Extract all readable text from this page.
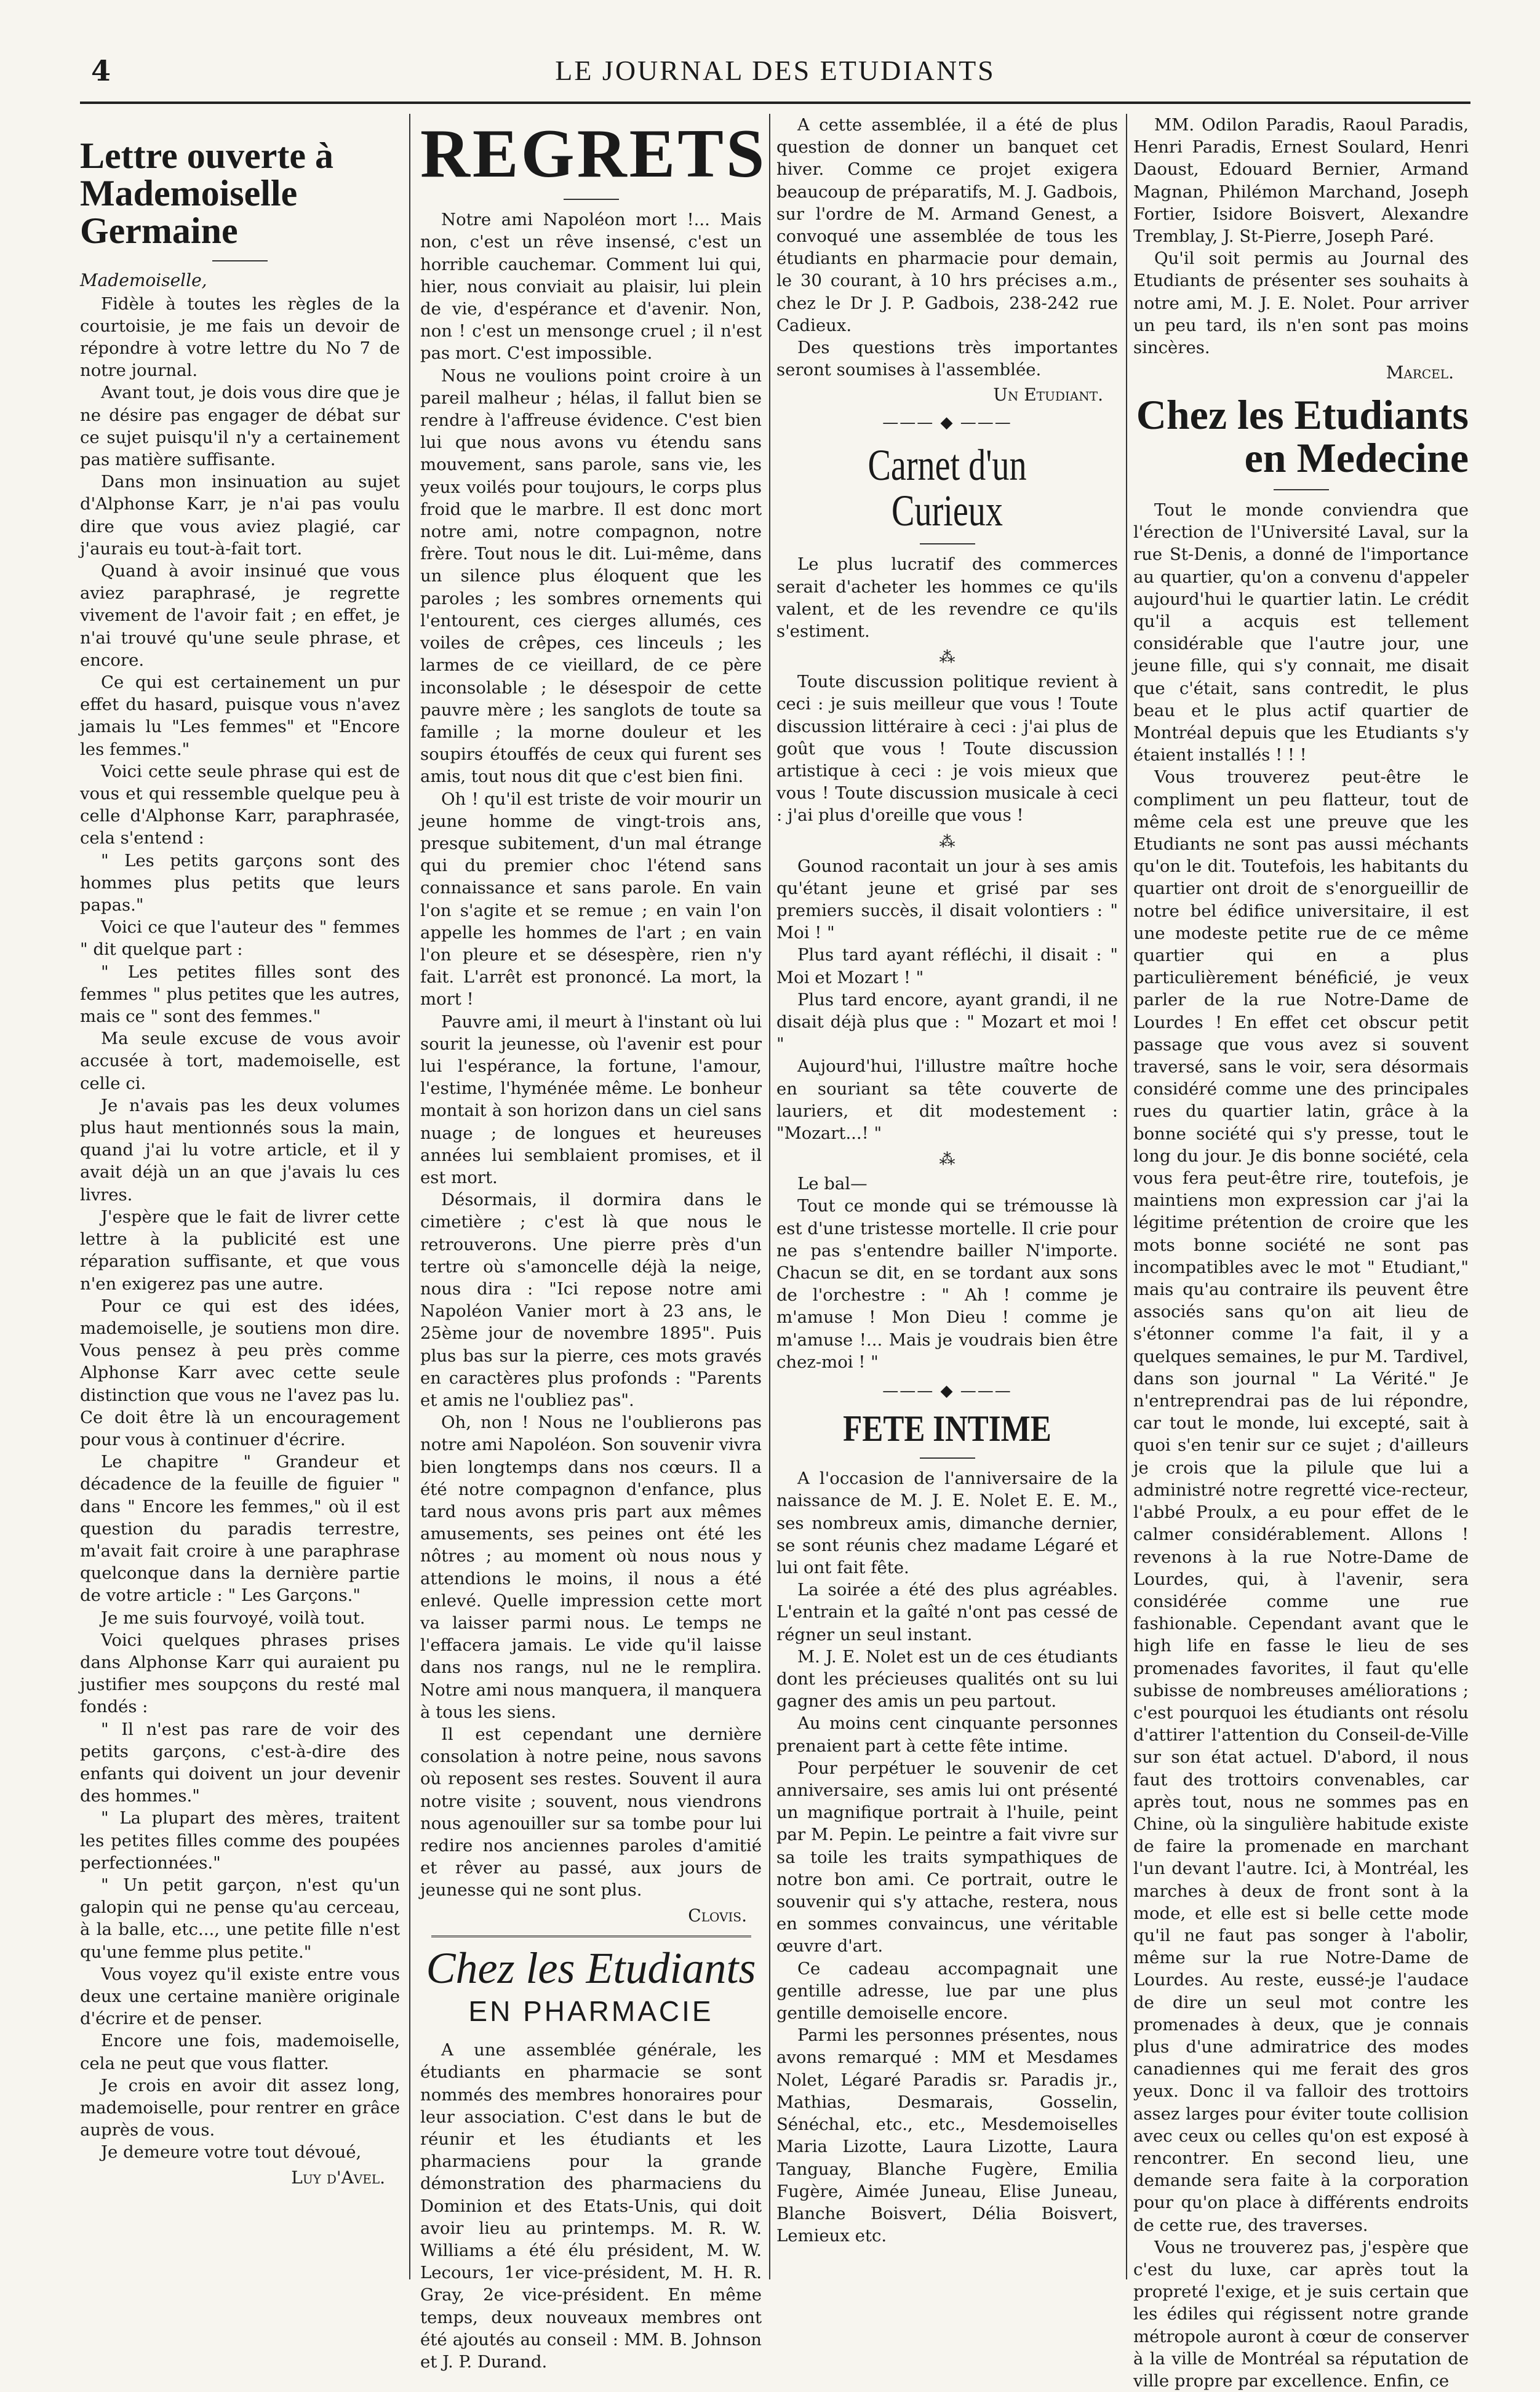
4	LE JOURNAL DES ETUDIANTS
Lettre ouverte à Mademoiselle Germaine
Mademoiselle,

Fidèle à toutes les règles de la courtoisie, je me fais un devoir de répondre à votre lettre du No 7 de notre journal.

Avant tout, je dois vous dire que je ne désire pas engager de débat sur ce sujet puisqu'il n'y a certainement pas matière suffisante.

Dans mon insinuation au sujet d'Alphonse Karr, je n'ai pas voulu dire que vous aviez plagié, car j'aurais eu tout-à-fait tort.

Quand à avoir insinué que vous aviez paraphrasé, je regrette vivement de l'avoir fait ; en effet, je n'ai trouvé qu'une seule phrase, et encore.

Ce qui est certainement un pur effet du hasard, puisque vous n'avez jamais lu "Les femmes" et "Encore les femmes."

Voici cette seule phrase qui est de vous et qui ressemble quelque peu à celle d'Alphonse Karr, paraphrasée, cela s'entend :

" Les petits garçons sont des hommes plus petits que leurs papas."

Voici ce que l'auteur des " femmes " dit quelque part :

" Les petites filles sont des femmes " plus petites que les autres, mais ce " sont des femmes."

Ma seule excuse de vous avoir accusée à tort, mademoiselle, est celle ci.

Je n'avais pas les deux volumes plus haut mentionnés sous la main, quand j'ai lu votre article, et il y avait déjà un an que j'avais lu ces livres.

J'espère que le fait de livrer cette lettre à la publicité est une réparation suffisante, et que vous n'en exigerez pas une autre.

Pour ce qui est des idées, mademoiselle, je soutiens mon dire. Vous pensez à peu près comme Alphonse Karr avec cette seule distinction que vous ne l'avez pas lu. Ce doit être là un encouragement pour vous à continuer d'écrire.

Le chapitre " Grandeur et décadence de la feuille de figuier " dans " Encore les femmes," où il est question du paradis terrestre, m'avait fait croire à une paraphrase quelconque dans la dernière partie de votre article : " Les Garçons."

Je me suis fourvoyé, voilà tout.

Voici quelques phrases prises dans Alphonse Karr qui auraient pu justifier mes soupçons du resté mal fondés :

" Il n'est pas rare de voir des petits garçons, c'est-à-dire des enfants qui doivent un jour devenir des hommes."

" La plupart des mères, traitent les petites filles comme des poupées perfectionnées."

" Un petit garçon, n'est qu'un galopin qui ne pense qu'au cerceau, à la balle, etc..., une petite fille n'est qu'une femme plus petite."

Vous voyez qu'il existe entre vous deux une certaine manière originale d'écrire et de penser.

Encore une fois, mademoiselle, cela ne peut que vous flatter.

Je crois en avoir dit assez long, mademoiselle, pour rentrer en grâce auprès de vous.

Je demeure votre tout dévoué,

Luy d'Avel.
REGRETS

Notre ami Napoléon mort !... Mais non, c'est un rêve insensé, c'est un horrible cauchemar. Comment lui qui, hier, nous conviait au plaisir, lui plein de vie, d'espérance et d'avenir. Non, non ! c'est un mensonge cruel ; il n'est pas mort. C'est impossible.

Nous ne voulions point croire à un pareil malheur ; hélas, il fallut bien se rendre à l'affreuse évidence. C'est bien lui que nous avons vu étendu sans mouvement, sans parole, sans vie, les yeux voilés pour toujours, le corps plus froid que le marbre. Il est donc mort notre ami, notre compagnon, notre frère. Tout nous le dit. Lui-même, dans un silence plus éloquent que les paroles ; les sombres ornements qui l'entourent, ces cierges allumés, ces voiles de crêpes, ces linceuls ; les larmes de ce vieillard, de ce père inconsolable ; le désespoir de cette pauvre mère ; les sanglots de toute sa famille ; la morne douleur et les soupirs étouffés de ceux qui furent ses amis, tout nous dit que c'est bien fini.

Oh ! qu'il est triste de voir mourir un jeune homme de vingt-trois ans, presque subitement, d'un mal étrange qui du premier choc l'étend sans connaissance et sans parole. En vain l'on s'agite et se remue ; en vain l'on appelle les hommes de l'art ; en vain l'on pleure et se désespère, rien n'y fait. L'arrêt est prononcé. La mort, la mort !

Pauvre ami, il meurt à l'instant où lui sourit la jeunesse, où l'avenir est pour lui l'espérance, la fortune, l'amour, l'estime, l'hyménée même. Le bonheur montait à son horizon dans un ciel sans nuage ; de longues et heureuses années lui semblaient promises, et il est mort.

Désormais, il dormira dans le cimetière ; c'est là que nous le retrouverons. Une pierre près d'un tertre où s'amoncelle déjà la neige, nous dira : "Ici repose notre ami Napoléon Vanier mort à 23 ans, le 25ème jour de novembre 1895". Puis plus bas sur la pierre, ces mots gravés en caractères plus profonds : "Parents et amis ne l'oubliez pas".

Oh, non ! Nous ne l'oublierons pas notre ami Napoléon. Son souvenir vivra bien longtemps dans nos cœurs. Il a été notre compagnon d'enfance, plus tard nous avons pris part aux mêmes amusements, ses peines ont été les nôtres ; au moment où nous nous y attendions le moins, il nous a été enlevé. Quelle impression cette mort va laisser parmi nous. Le temps ne l'effacera jamais. Le vide qu'il laisse dans nos rangs, nul ne le remplira. Notre ami nous manquera, il manquera à tous les siens.

Il est cependant une dernière consolation à notre peine, nous savons où reposent ses restes. Souvent il aura notre visite ; souvent, nous viendrons nous agenouiller sur sa tombe pour lui redire nos anciennes paroles d'amitié et rêver au passé, aux jours de jeunesse qui ne sont plus.

Clovis.
Chez les Etudiants
EN PHARMACIE

A une assemblée générale, les étudiants en pharmacie se sont nommés des membres honoraires pour leur association. C'est dans le but de réunir et les étudiants et les pharmaciens pour la grande démonstration des pharmaciens du Dominion et des Etats-Unis, qui doit avoir lieu au printemps. M. R. W. Williams a été élu président, M. W. Lecours, 1er vice-président, M. H. R. Gray, 2e vice-président. En même temps, deux nouveaux membres ont été ajoutés au conseil : MM. B. Johnson et J. P. Durand.

A cette assemblée, il a été de plus question de donner un banquet cet hiver. Comme ce projet exigera beaucoup de préparatifs, M. J. Gadbois, sur l'ordre de M. Armand Genest, a convoqué une assemblée de tous les étudiants en pharmacie pour demain, le 30 courant, à 10 hrs précises a.m., chez le Dr J. P. Gadbois, 238-242 rue Cadieux.

Des questions très importantes seront soumises à l'assemblée.

Un Etudiant.
——— ◆ ———
Carnet d'un Curieux

Le plus lucratif des commerces serait d'acheter les hommes ce qu'ils valent, et de les revendre ce qu'ils s'estiment.

⁂

Toute discussion politique revient à ceci : je suis meilleur que vous ! Toute discussion littéraire à ceci : j'ai plus de goût que vous ! Toute discussion artistique à ceci : je vois mieux que vous ! Toute discussion musicale à ceci : j'ai plus d'oreille que vous !

⁂

Gounod racontait un jour à ses amis qu'étant jeune et grisé par ses premiers succès, il disait volontiers : " Moi ! "

Plus tard ayant réfléchi, il disait : " Moi et Mozart ! "

Plus tard encore, ayant grandi, il ne disait déjà plus que : " Mozart et moi ! "

Aujourd'hui, l'illustre maître hoche en souriant sa tête couverte de lauriers, et dit modestement : "Mozart...! "

⁂

Le bal—

Tout ce monde qui se trémousse là est d'une tristesse mortelle. Il crie pour ne pas s'entendre bailler N'importe. Chacun se dit, en se tordant aux sons de l'orchestre : " Ah ! comme je m'amuse ! Mon Dieu ! comme je m'amuse !... Mais je voudrais bien être chez-moi ! "

——— ◆ ———
FETE INTIME

A l'occasion de l'anniversaire de la naissance de M. J. E. Nolet E. E. M., ses nombreux amis, dimanche dernier, se sont réunis chez madame Légaré et lui ont fait fête.

La soirée a été des plus agréables. L'entrain et la gaîté n'ont pas cessé de régner un seul instant.

M. J. E. Nolet est un de ces étudiants dont les précieuses qualités ont su lui gagner des amis un peu partout.

Au moins cent cinquante personnes prenaient part à cette fête intime.

Pour perpétuer le souvenir de cet anniversaire, ses amis lui ont présenté un magnifique portrait à l'huile, peint par M. Pepin. Le peintre a fait vivre sur sa toile les traits sympathiques de notre bon ami. Ce portrait, outre le souvenir qui s'y attache, restera, nous en sommes convaincus, une véritable œuvre d'art.

Ce cadeau accompagnait une gentille adresse, lue par une plus gentille demoiselle encore.

Parmi les personnes présentes, nous avons remarqué : MM et Mesdames Nolet, Légaré Paradis sr. Paradis jr., Mathias, Desmarais, Gosselin, Sénéchal, etc., etc., Mesdemoiselles Maria Lizotte, Laura Lizotte, Laura Tanguay, Blanche Fugère, Emilia Fugère, Aimée Juneau, Elise Juneau, Blanche Boisvert, Délia Boisvert, Lemieux etc.

MM. Odilon Paradis, Raoul Paradis, Henri Paradis, Ernest Soulard, Henri Daoust, Edouard Bernier, Armand Magnan, Philémon Marchand, Joseph Fortier, Isidore Boisvert, Alexandre Tremblay, J. St-Pierre, Joseph Paré.

Qu'il soit permis au Journal des Etudiants de présenter ses souhaits à notre ami, M. J. E. Nolet. Pour arriver un peu tard, ils n'en sont pas moins sincères.

Marcel.
Chez les Etudiants en Medecine

Tout le monde conviendra que l'érection de l'Université Laval, sur la rue St-Denis, a donné de l'importance au quartier, qu'on a convenu d'appeler aujourd'hui le quartier latin. Le crédit qu'il a acquis est tellement considérable que l'autre jour, une jeune fille, qui s'y connait, me disait que c'était, sans contredit, le plus beau et le plus actif quartier de Montréal depuis que les Etudiants s'y étaient installés ! ! !

Vous trouverez peut-être le compliment un peu flatteur, tout de même cela est une preuve que les Etudiants ne sont pas aussi méchants qu'on le dit. Toutefois, les habitants du quartier ont droit de s'enorgueillir de notre bel édifice universitaire, il est une modeste petite rue de ce même quartier qui en a plus particulièrement bénéficié, je veux parler de la rue Notre-Dame de Lourdes ! En effet cet obscur petit passage que vous avez si souvent traversé, sans le voir, sera désormais considéré comme une des principales rues du quartier latin, grâce à la bonne société qui s'y presse, tout le long du jour. Je dis bonne société, cela vous fera peut-être rire, toutefois, je maintiens mon expression car j'ai la légitime prétention de croire que les mots bonne société ne sont pas incompatibles avec le mot " Etudiant," mais qu'au contraire ils peuvent être associés sans qu'on ait lieu de s'étonner comme l'a fait, il y a quelques semaines, le pur M. Tardivel, dans son journal " La Vérité." Je n'entreprendrai pas de lui répondre, car tout le monde, lui excepté, sait à quoi s'en tenir sur ce sujet ; d'ailleurs je crois que la pilule que lui a administré notre regretté vice-recteur, l'abbé Proulx, a eu pour effet de le calmer considérablement. Allons ! revenons à la rue Notre-Dame de Lourdes, qui, à l'avenir, sera considérée comme une rue fashionable. Cependant avant que le high life en fasse le lieu de ses promenades favorites, il faut qu'elle subisse de nombreuses améliorations ; c'est pourquoi les étudiants ont résolu d'attirer l'attention du Conseil-de-Ville sur son état actuel. D'abord, il nous faut des trottoirs convenables, car après tout, nous ne sommes pas en Chine, où la singulière habitude existe de faire la promenade en marchant l'un devant l'autre. Ici, à Montréal, les marches à deux de front sont à la mode, et elle est si belle cette mode qu'il ne faut pas songer à l'abolir, même sur la rue Notre-Dame de Lourdes. Au reste, eussé-je l'audace de dire un seul mot contre les promenades à deux, que je connais plus d'une admiratrice des modes canadiennes qui me ferait des gros yeux. Donc il va falloir des trottoirs assez larges pour éviter toute collision avec ceux ou celles qu'on est exposé à rencontrer. En second lieu, une demande sera faite à la corporation pour qu'on place à différents endroits de cette rue, des traverses.

Vous ne trouverez pas, j'espère que c'est du luxe, car après tout la propreté l'exige, et je suis certain que les édiles qui régissent notre grande métropole auront à cœur de conserver à la ville de Montréal sa réputation de ville propre par excellence. Enfin, ce
